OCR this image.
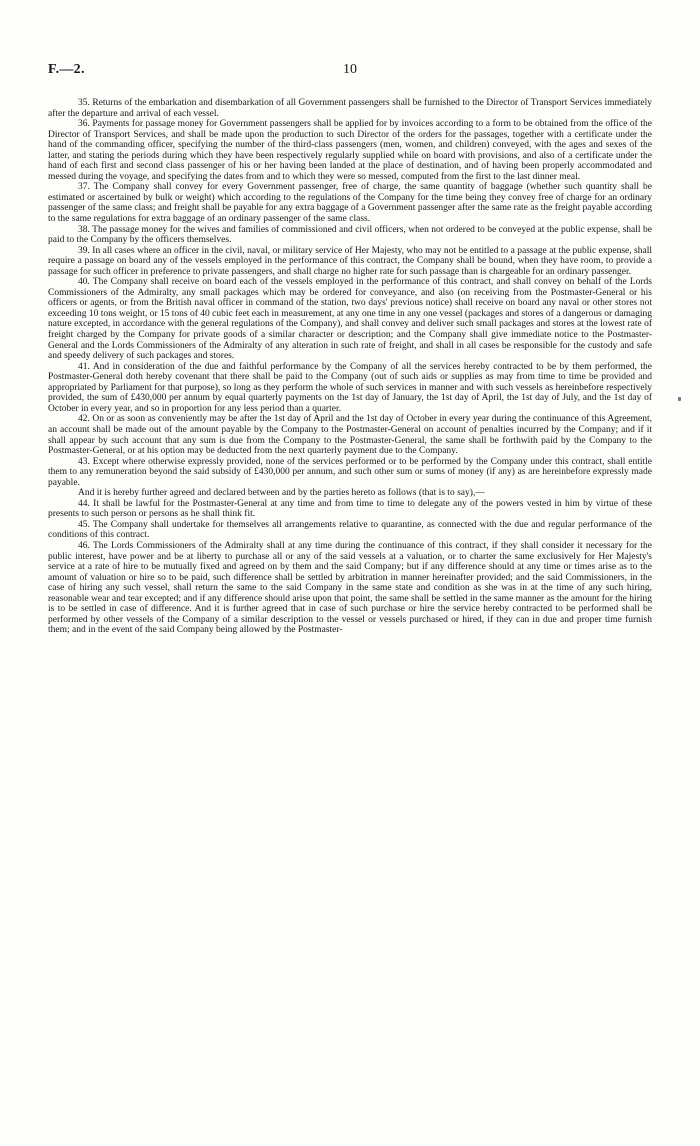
F.—2.	10

35. Returns of the embarkation and disembarkation of all Government passengers shall be furnished to the Director of Transport Services immediately after the departure and arrival of each vessel.

36. Payments for passage money for Government passengers shall be applied for by invoices according to a form to be obtained from the office of the Director of Transport Services, and shall be made upon the production to such Director of the orders for the passages, together with a certificate under the hand of the commanding officer, specifying the number of the third-class passengers (men, women, and children) conveyed, with the ages and sexes of the latter, and stating the periods during which they have been respectively regularly supplied while on board with provisions, and also of a certificate under the hand of each first and second class passenger of his or her having been landed at the place of destination, and of having been properly accommodated and messed during the voyage, and specifying the dates from and to which they were so messed, computed from the first to the last dinner meal.

37. The Company shall convey for every Government passenger, free of charge, the same quantity of baggage (whether such quantity shall be estimated or ascertained by bulk or weight) which according to the regulations of the Company for the time being they convey free of charge for an ordinary passenger of the same class; and freight shall be payable for any extra baggage of a Government passenger after the same rate as the freight payable according to the same regulations for extra baggage of an ordinary passenger of the same class.

38. The passage money for the wives and families of commissioned and civil officers, when not ordered to be conveyed at the public expense, shall be paid to the Company by the officers themselves.

39. In all cases where an officer in the civil, naval, or military service of Her Majesty, who may not be entitled to a passage at the public expense, shall require a passage on board any of the vessels employed in the performance of this contract, the Company shall be bound, when they have room, to provide a passage for such officer in preference to private passengers, and shall charge no higher rate for such passage than is chargeable for an ordinary passenger.

40. The Company shall receive on board each of the vessels employed in the performance of this contract, and shall convey on behalf of the Lords Commissioners of the Admiralty, any small packages which may be ordered for conveyance, and also (on receiving from the Postmaster-General or his officers or agents, or from the British naval officer in command of the station, two days' previous notice) shall receive on board any naval or other stores not exceeding 10 tons weight, or 15 tons of 40 cubic feet each in measurement, at any one time in any one vessel (packages and stores of a dangerous or damaging nature excepted, in accordance with the general regulations of the Company), and shall convey and deliver such small packages and stores at the lowest rate of freight charged by the Company for private goods of a similar character or description; and the Company shall give immediate notice to the Postmaster-General and the Lords Commissioners of the Admiralty of any alteration in such rate of freight, and shall in all cases be responsible for the custody and safe and speedy delivery of such packages and stores.

41. And in consideration of the due and faithful performance by the Company of all the services hereby contracted to be by them performed, the Postmaster-General doth hereby covenant that there shall be paid to the Company (out of such aids or supplies as may from time to time be provided and appropriated by Parliament for that purpose), so long as they perform the whole of such services in manner and with such vessels as hereinbefore respectively provided, the sum of £430,000 per annum by equal quarterly payments on the 1st day of January, the 1st day of April, the 1st day of July, and the 1st day of October in every year, and so in proportion for any less period than a quarter.

42. On or as soon as conveniently may be after the 1st day of April and the 1st day of October in every year during the continuance of this Agreement, an account shall be made out of the amount payable by the Company to the Postmaster-General on account of penalties incurred by the Company; and if it shall appear by such account that any sum is due from the Company to the Postmaster-General, the same shall be forthwith paid by the Company to the Postmaster-General, or at his option may be deducted from the next quarterly payment due to the Company.

43. Except where otherwise expressly provided, none of the services performed or to be performed by the Company under this contract, shall entitle them to any remuneration beyond the said subsidy of £430,000 per annum, and such other sum or sums of money (if any) as are hereinbefore expressly made payable.

And it is hereby further agreed and declared between and by the parties hereto as follows (that is to say),—

44. It shall be lawful for the Postmaster-General at any time and from time to time to delegate any of the powers vested in him by virtue of these presents to such person or persons as he shall think fit.

45. The Company shall undertake for themselves all arrangements relative to quarantine, as connected with the due and regular performance of the conditions of this contract.

46. The Lords Commissioners of the Admiralty shall at any time during the continuance of this contract, if they shall consider it necessary for the public interest, have power and be at liberty to purchase all or any of the said vessels at a valuation, or to charter the same exclusively for Her Majesty's service at a rate of hire to be mutually fixed and agreed on by them and the said Company; but if any difference should at any time or times arise as to the amount of valuation or hire so to be paid, such difference shall be settled by arbitration in manner hereinafter provided; and the said Commissioners, in the case of hiring any such vessel, shall return the same to the said Company in the same state and condition as she was in at the time of any such hiring, reasonable wear and tear excepted; and if any difference should arise upon that point, the same shall be settled in the same manner as the amount for the hiring is to be settled in case of difference. And it is further agreed that in case of such purchase or hire the service hereby contracted to be performed shall be performed by other vessels of the Company of a similar description to the vessel or vessels purchased or hired, if they can in due and proper time furnish them; and in the event of the said Company being allowed by the Postmaster-
